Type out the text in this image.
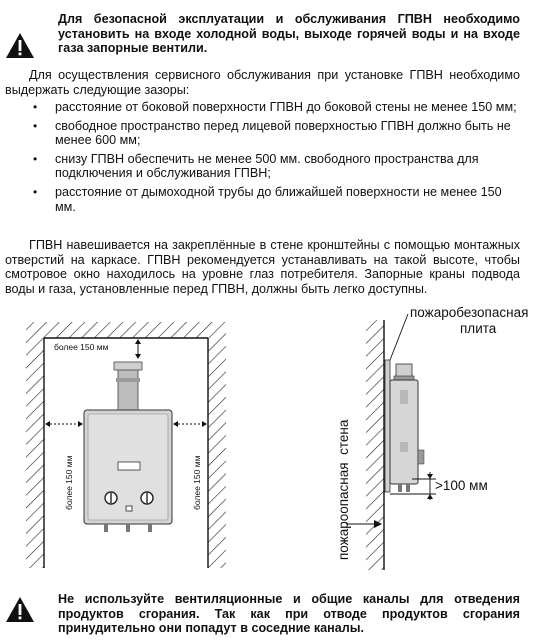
Для безопасной эксплуатации и обслуживания ГПВН необходимо установить на входе холодной воды, выходе горячей воды и на входе газа запорные вентили.
Для осуществления сервисного обслуживания при установке ГПВН необходимо выдержать следующие зазоры:
• расстояние от боковой поверхности ГПВН до боковой стены не менее 150 мм;
• свободное пространство перед лицевой поверхностью ГПВН должно быть не менее 600 мм;
• снизу ГПВН обеспечить не менее 500 мм. свободного пространства для подключения и обслуживания ГПВН;
• расстояние от дымоходной трубы до ближайшей поверхности не менее 150 мм.
ГПВН навешивается на закреплённые в стене кронштейны с помощью монтажных отверстий на каркасе. ГПВН рекомендуется устанавливать на такой высоте, чтобы смотровое окно находилось на уровне глаз потребителя. Запорные краны подвода воды и газа, установленные перед ГПВН, должны быть легко доступны.
более 150 мм
более 150 мм	более 150 мм
пожаробезопасная
плита
>100 мм
пожароопасная  стена
Не используйте вентиляционные и общие каналы для отведения продуктов сгорания. Так как при отводе продуктов сгорания принудительно они попадут в соседние каналы.
